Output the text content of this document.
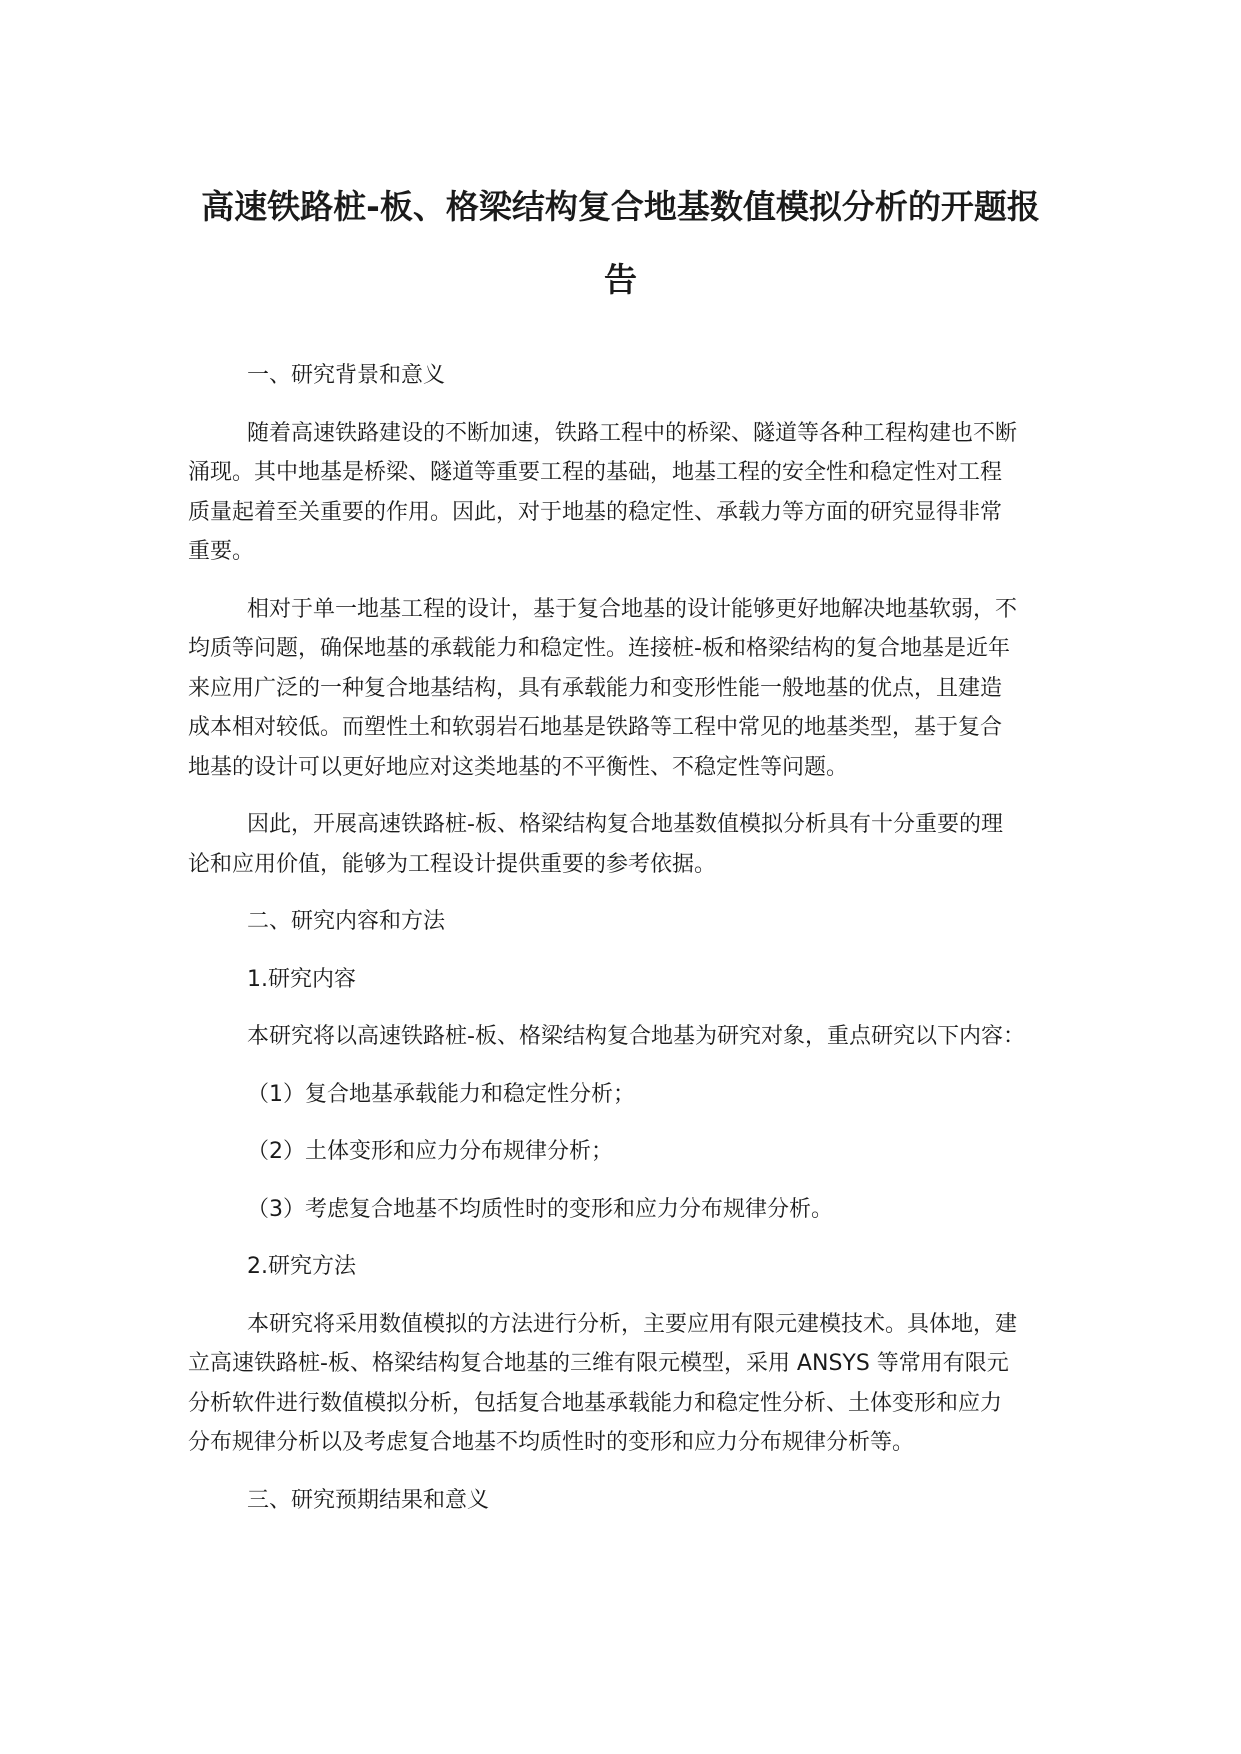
高速铁路桩-板、格梁结构复合地基数值模拟分析的开题报
告

一、研究背景和意义

随着高速铁路建设的不断加速，铁路工程中的桥梁、隧道等各种工程构建也不断
涌现。其中地基是桥梁、隧道等重要工程的基础，地基工程的安全性和稳定性对工程
质量起着至关重要的作用。因此，对于地基的稳定性、承载力等方面的研究显得非常
重要。

相对于单一地基工程的设计，基于复合地基的设计能够更好地解决地基软弱，不
均质等问题，确保地基的承载能力和稳定性。连接桩-板和格梁结构的复合地基是近年
来应用广泛的一种复合地基结构，具有承载能力和变形性能一般地基的优点，且建造
成本相对较低。而塑性土和软弱岩石地基是铁路等工程中常见的地基类型，基于复合
地基的设计可以更好地应对这类地基的不平衡性、不稳定性等问题。

因此，开展高速铁路桩-板、格梁结构复合地基数值模拟分析具有十分重要的理
论和应用价值，能够为工程设计提供重要的参考依据。

二、研究内容和方法

1.研究内容

本研究将以高速铁路桩-板、格梁结构复合地基为研究对象，重点研究以下内容：

（1）复合地基承载能力和稳定性分析；

（2）土体变形和应力分布规律分析；

（3）考虑复合地基不均质性时的变形和应力分布规律分析。

2.研究方法

本研究将采用数值模拟的方法进行分析，主要应用有限元建模技术。具体地，建
立高速铁路桩-板、格梁结构复合地基的三维有限元模型，采用 ANSYS 等常用有限元
分析软件进行数值模拟分析，包括复合地基承载能力和稳定性分析、土体变形和应力
分布规律分析以及考虑复合地基不均质性时的变形和应力分布规律分析等。

三、研究预期结果和意义
